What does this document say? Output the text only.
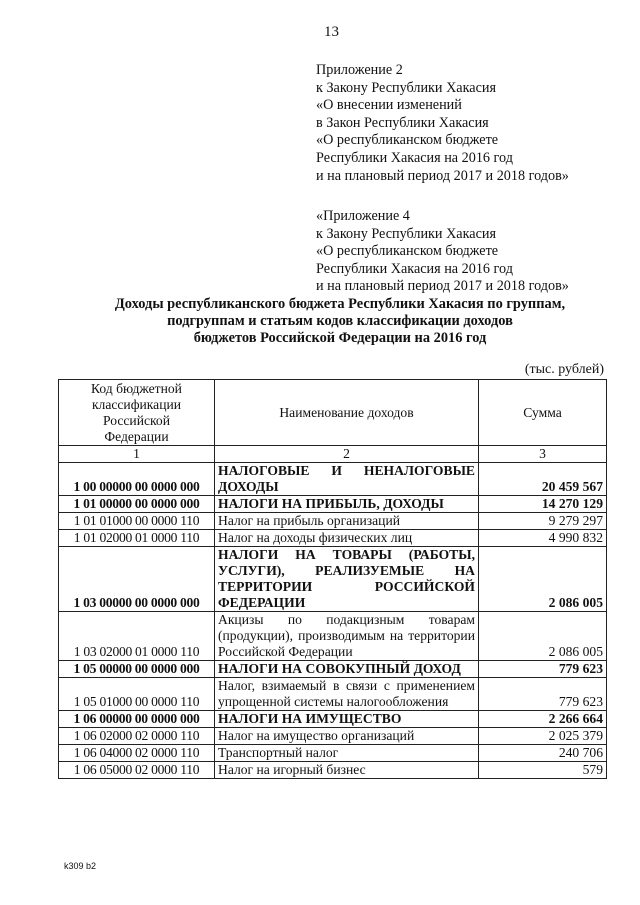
13
Приложение 2
к Закону Республики Хакасия
«О внесении изменений
в Закон Республики Хакасия
«О республиканском бюджете
Республики Хакасия на 2016 год
и на плановый период 2017 и 2018 годов»
«Приложение 4
к Закону Республики Хакасия
«О республиканском бюджете
Республики Хакасия на 2016 год
и на плановый период 2017 и 2018 годов»
Доходы республиканского бюджета Республики Хакасия по группам,
подгруппам и статьям кодов классификации доходов
бюджетов Российской Федерации на 2016 год
(тыс. рублей)
Код бюджетной классификации Российской Федерации	Наименование доходов	Сумма
1	2	3
1 00 00000 00 0000 000	НАЛОГОВЫЕ И НЕНАЛОГОВЫЕ ДОХОДЫ	20 459 567
1 01 00000 00 0000 000	НАЛОГИ НА ПРИБЫЛЬ, ДОХОДЫ	14 270 129
1 01 01000 00 0000 110	Налог на прибыль организаций	9 279 297
1 01 02000 01 0000 110	Налог на доходы физических лиц	4 990 832
1 03 00000 00 0000 000	НАЛОГИ НА ТОВАРЫ (РАБОТЫ, УСЛУГИ), РЕАЛИЗУЕМЫЕ НА ТЕРРИТОРИИ РОССИЙСКОЙ ФЕДЕРАЦИИ	2 086 005
1 03 02000 01 0000 110	Акцизы по подакцизным товарам (продукции), производимым на территории Российской Федерации	2 086 005
1 05 00000 00 0000 000	НАЛОГИ НА СОВОКУПНЫЙ ДОХОД	779 623
1 05 01000 00 0000 110	Налог, взимаемый в связи с применением упрощенной системы налогообложения	779 623
1 06 00000 00 0000 000	НАЛОГИ НА ИМУЩЕСТВО	2 266 664
1 06 02000 02 0000 110	Налог на имущество организаций	2 025 379
1 06 04000 02 0000 110	Транспортный налог	240 706
1 06 05000 02 0000 110	Налог на игорный бизнес	579
k309 b2
